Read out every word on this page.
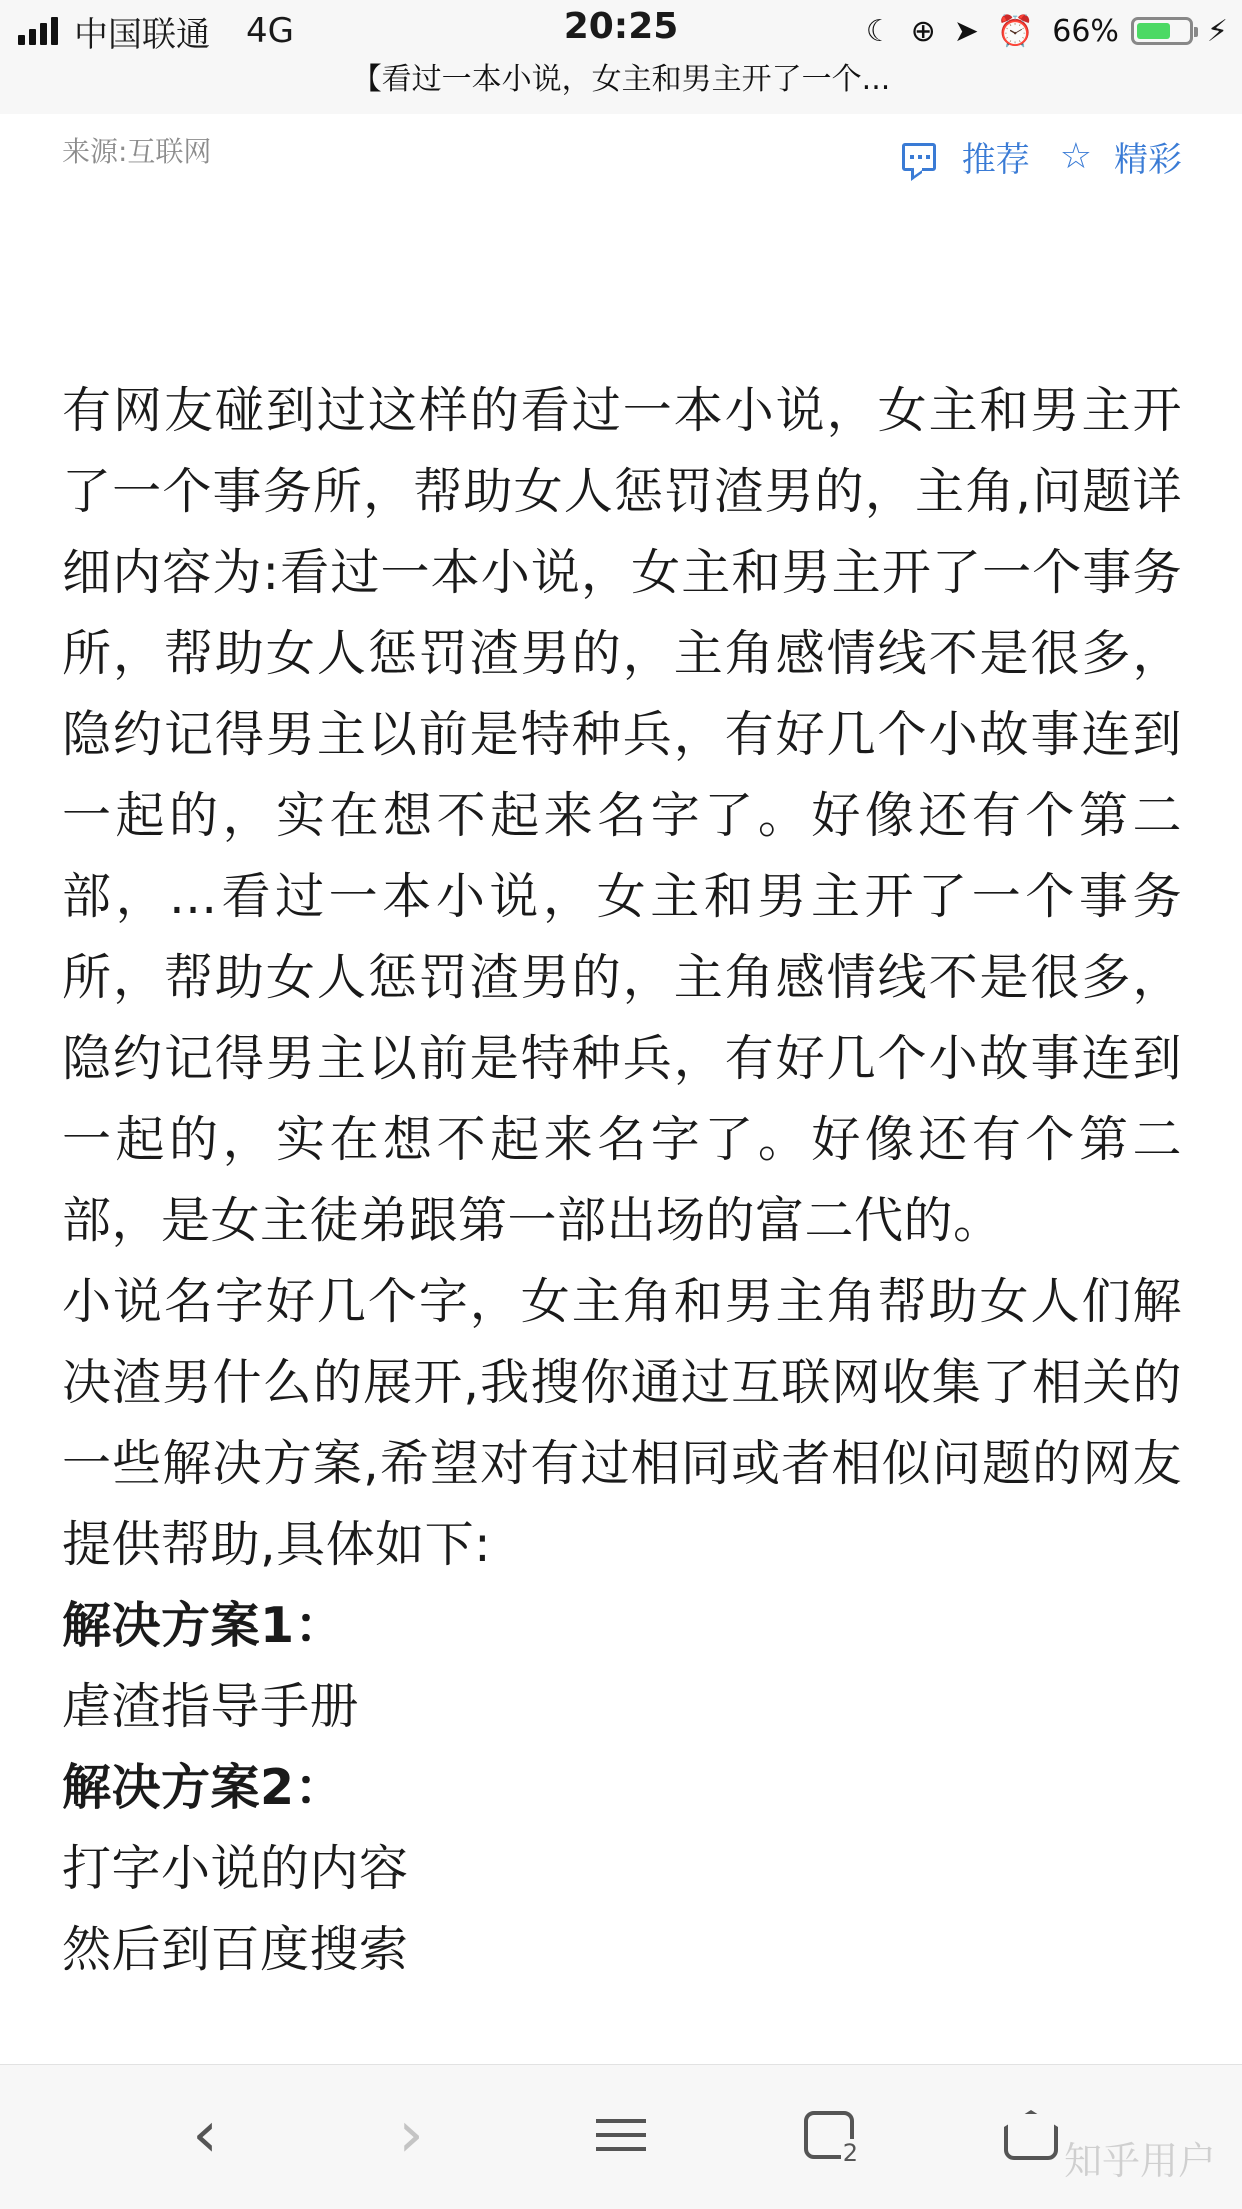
中国联通 4G	20:25	☾ ⊕ ➤ ⏰ 66%	⚡
【看过一本小说，女主和男主开了一个...
来源:互联网	推荐 ☆ 精彩

有网友碰到过这样的看过一本小说，女主和男主开了一个事务所，帮助女人惩罚渣男的，主角,问题详细内容为:看过一本小说，女主和男主开了一个事务所，帮助女人惩罚渣男的，主角感情线不是很多，隐约记得男主以前是特种兵，有好几个小故事连到一起的，实在想不起来名字了。好像还有个第二部，...看过一本小说，女主和男主开了一个事务所，帮助女人惩罚渣男的，主角感情线不是很多，隐约记得男主以前是特种兵，有好几个小故事连到一起的，实在想不起来名字了。好像还有个第二部，是女主徒弟跟第一部出场的富二代的。

小说名字好几个字，女主角和男主角帮助女人们解决渣男什么的展开,我搜你通过互联网收集了相关的一些解决方案,希望对有过相同或者相似问题的网友提供帮助,具体如下:

解决方案1：

虐渣指导手册

解决方案2：

打字小说的内容

然后到百度搜索

‹	›	2	知乎用户
